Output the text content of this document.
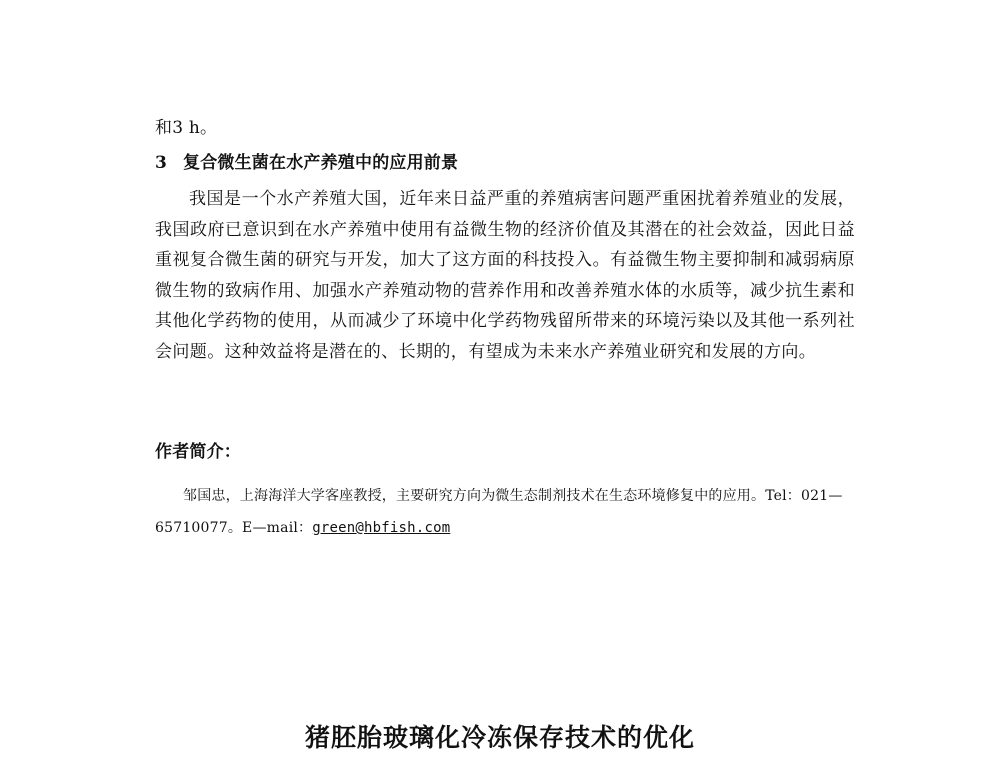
和3 h。
3 复合微生菌在水产养殖中的应用前景
我国是一个水产养殖大国，近年来日益严重的养殖病害问题严重困扰着养殖业的发展，我国政府已意识到在水产养殖中使用有益微生物的经济价值及其潜在的社会效益，因此日益重视复合微生菌的研究与开发，加大了这方面的科技投入。有益微生物主要抑制和减弱病原微生物的致病作用、加强水产养殖动物的营养作用和改善养殖水体的水质等，减少抗生素和其他化学药物的使用，从而减少了环境中化学药物残留所带来的环境污染以及其他一系列社会问题。这种效益将是潜在的、长期的，有望成为未来水产养殖业研究和发展的方向。
作者简介：
邹国忠，上海海洋大学客座教授，主要研究方向为微生态制剂技术在生态环境修复中的应用。Tel：021—65710077。E—mail：green@hbfish.com
猪胚胎玻璃化冷冻保存技术的优化
